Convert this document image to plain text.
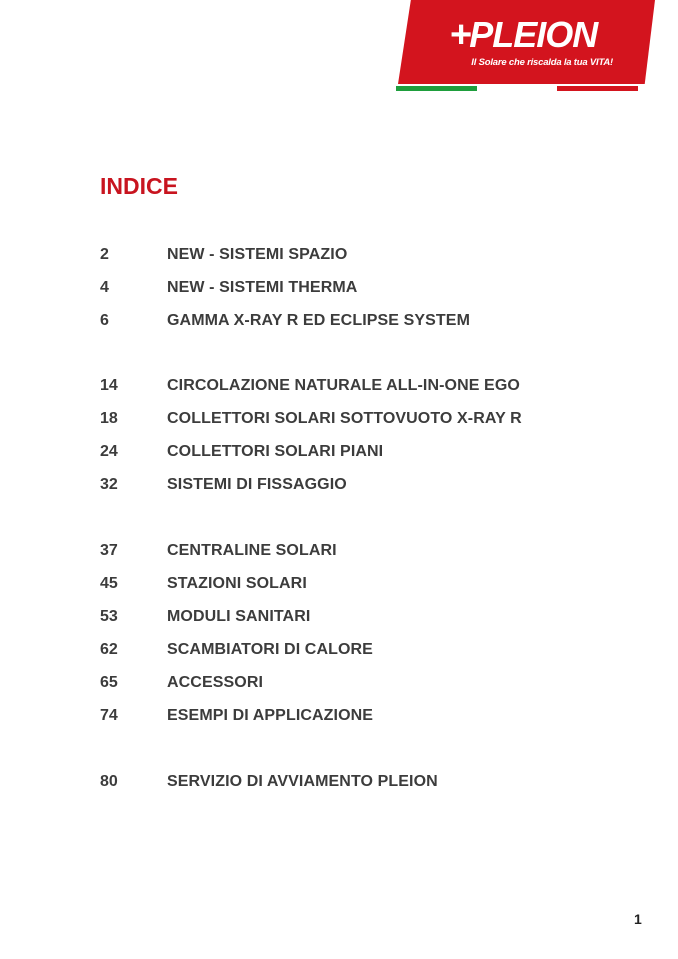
+PLEION
Il Solare che riscalda la tua VITA!
INDICE
2	NEW - SISTEMI SPAZIO
4	NEW - SISTEMI THERMA
6	GAMMA X-RAY R ED ECLIPSE SYSTEM
14	CIRCOLAZIONE NATURALE ALL-IN-ONE EGO
18	COLLETTORI SOLARI SOTTOVUOTO X-RAY R
24	COLLETTORI SOLARI PIANI
32	SISTEMI DI FISSAGGIO
37	CENTRALINE SOLARI
45	STAZIONI SOLARI
53	MODULI SANITARI
62	SCAMBIATORI DI CALORE
65	ACCESSORI
74	ESEMPI DI APPLICAZIONE
80	SERVIZIO DI AVVIAMENTO PLEION
1
